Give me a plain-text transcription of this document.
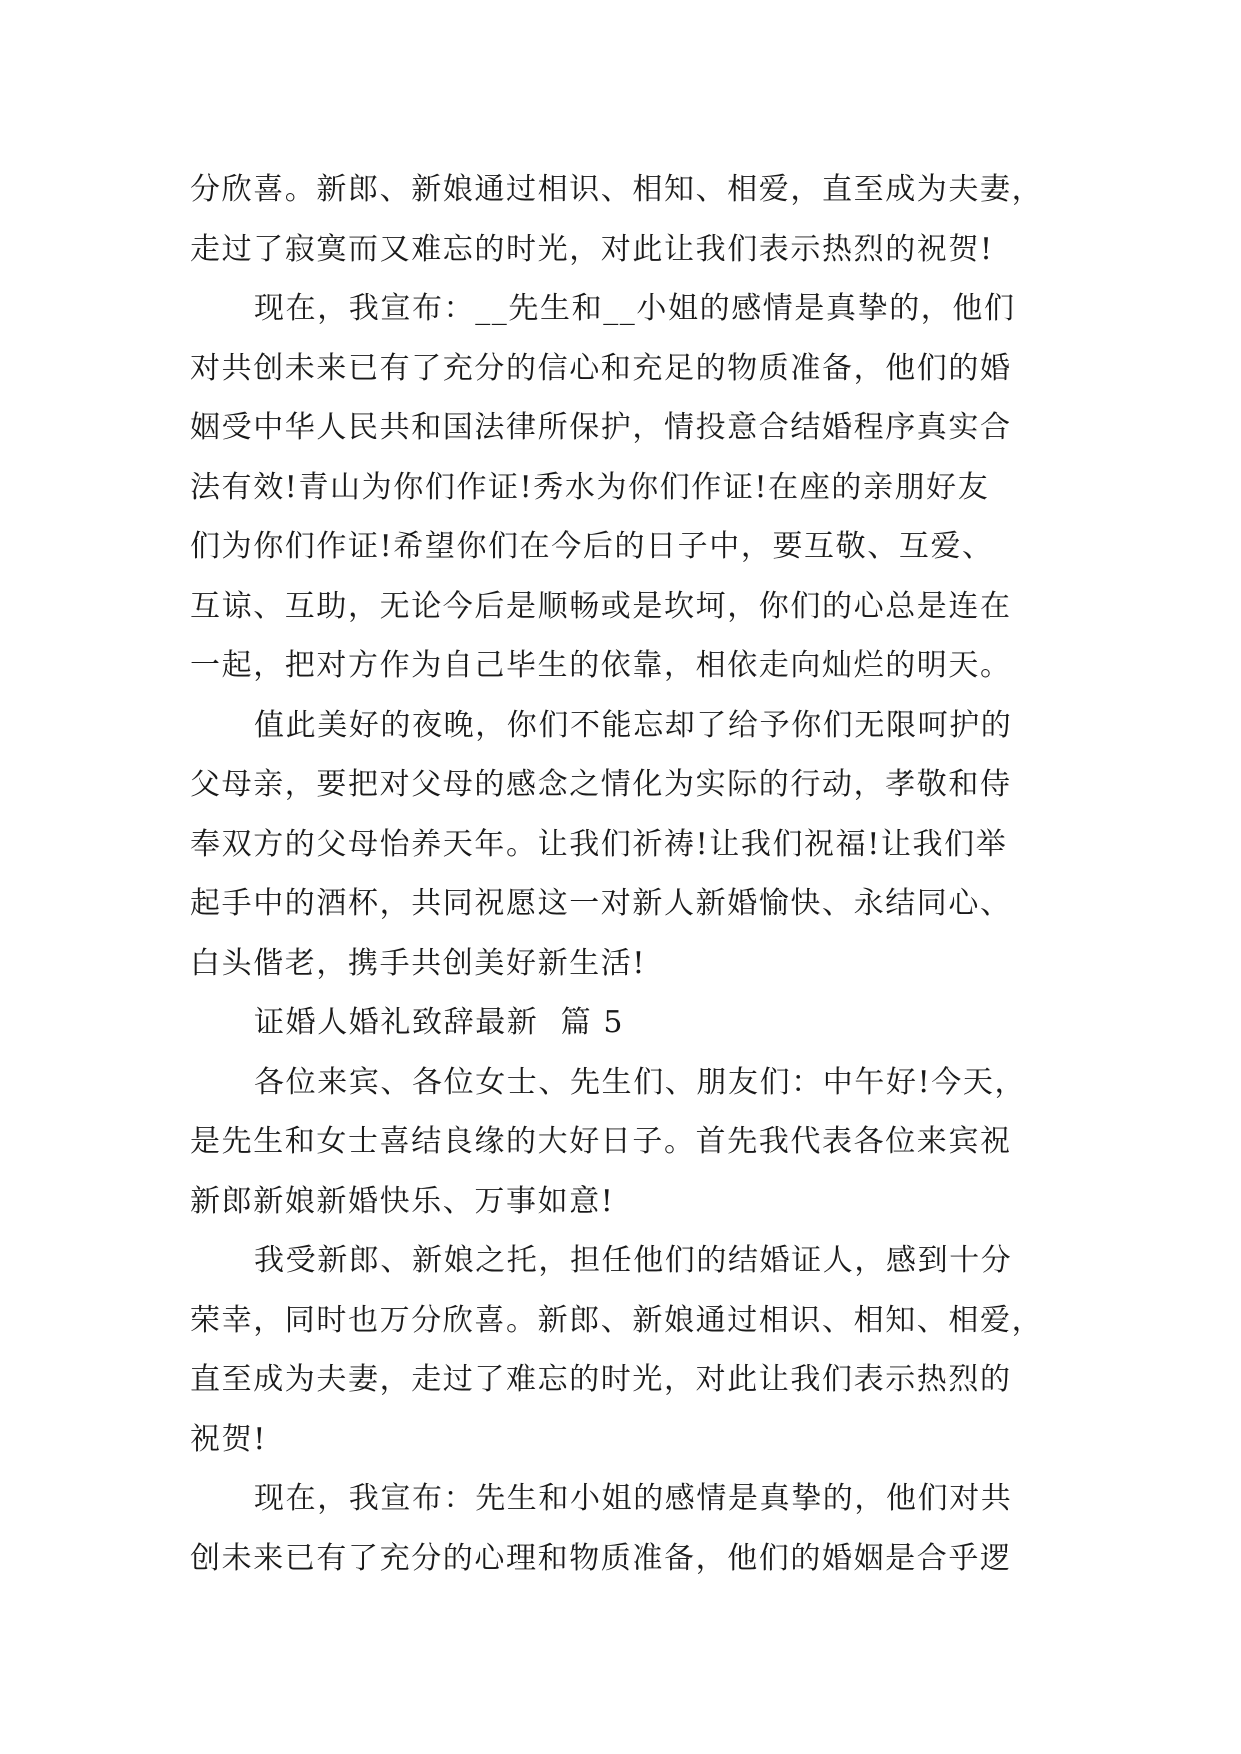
分欣喜。新郎、新娘通过相识、相知、相爱，直至成为夫妻，
走过了寂寞而又难忘的时光，对此让我们表示热烈的祝贺!
现在，我宣布：__先生和__小姐的感情是真挚的，他们
对共创未来已有了充分的信心和充足的物质准备，他们的婚
姻受中华人民共和国法律所保护，情投意合结婚程序真实合
法有效!青山为你们作证!秀水为你们作证!在座的亲朋好友
们为你们作证!希望你们在今后的日子中，要互敬、互爱、
互谅、互助，无论今后是顺畅或是坎坷，你们的心总是连在
一起，把对方作为自己毕生的依靠，相依走向灿烂的明天。
值此美好的夜晚，你们不能忘却了给予你们无限呵护的
父母亲，要把对父母的感念之情化为实际的行动，孝敬和侍
奉双方的父母怡养天年。让我们祈祷!让我们祝福!让我们举
起手中的酒杯，共同祝愿这一对新人新婚愉快、永结同心、
白头偕老，携手共创美好新生活!
证婚人婚礼致辞最新  篇 5
各位来宾、各位女士、先生们、朋友们：中午好!今天，
是先生和女士喜结良缘的大好日子。首先我代表各位来宾祝
新郎新娘新婚快乐、万事如意!
我受新郎、新娘之托，担任他们的结婚证人，感到十分
荣幸，同时也万分欣喜。新郎、新娘通过相识、相知、相爱，
直至成为夫妻，走过了难忘的时光，对此让我们表示热烈的
祝贺!
现在，我宣布：先生和小姐的感情是真挚的，他们对共
创未来已有了充分的心理和物质准备，他们的婚姻是合乎逻
